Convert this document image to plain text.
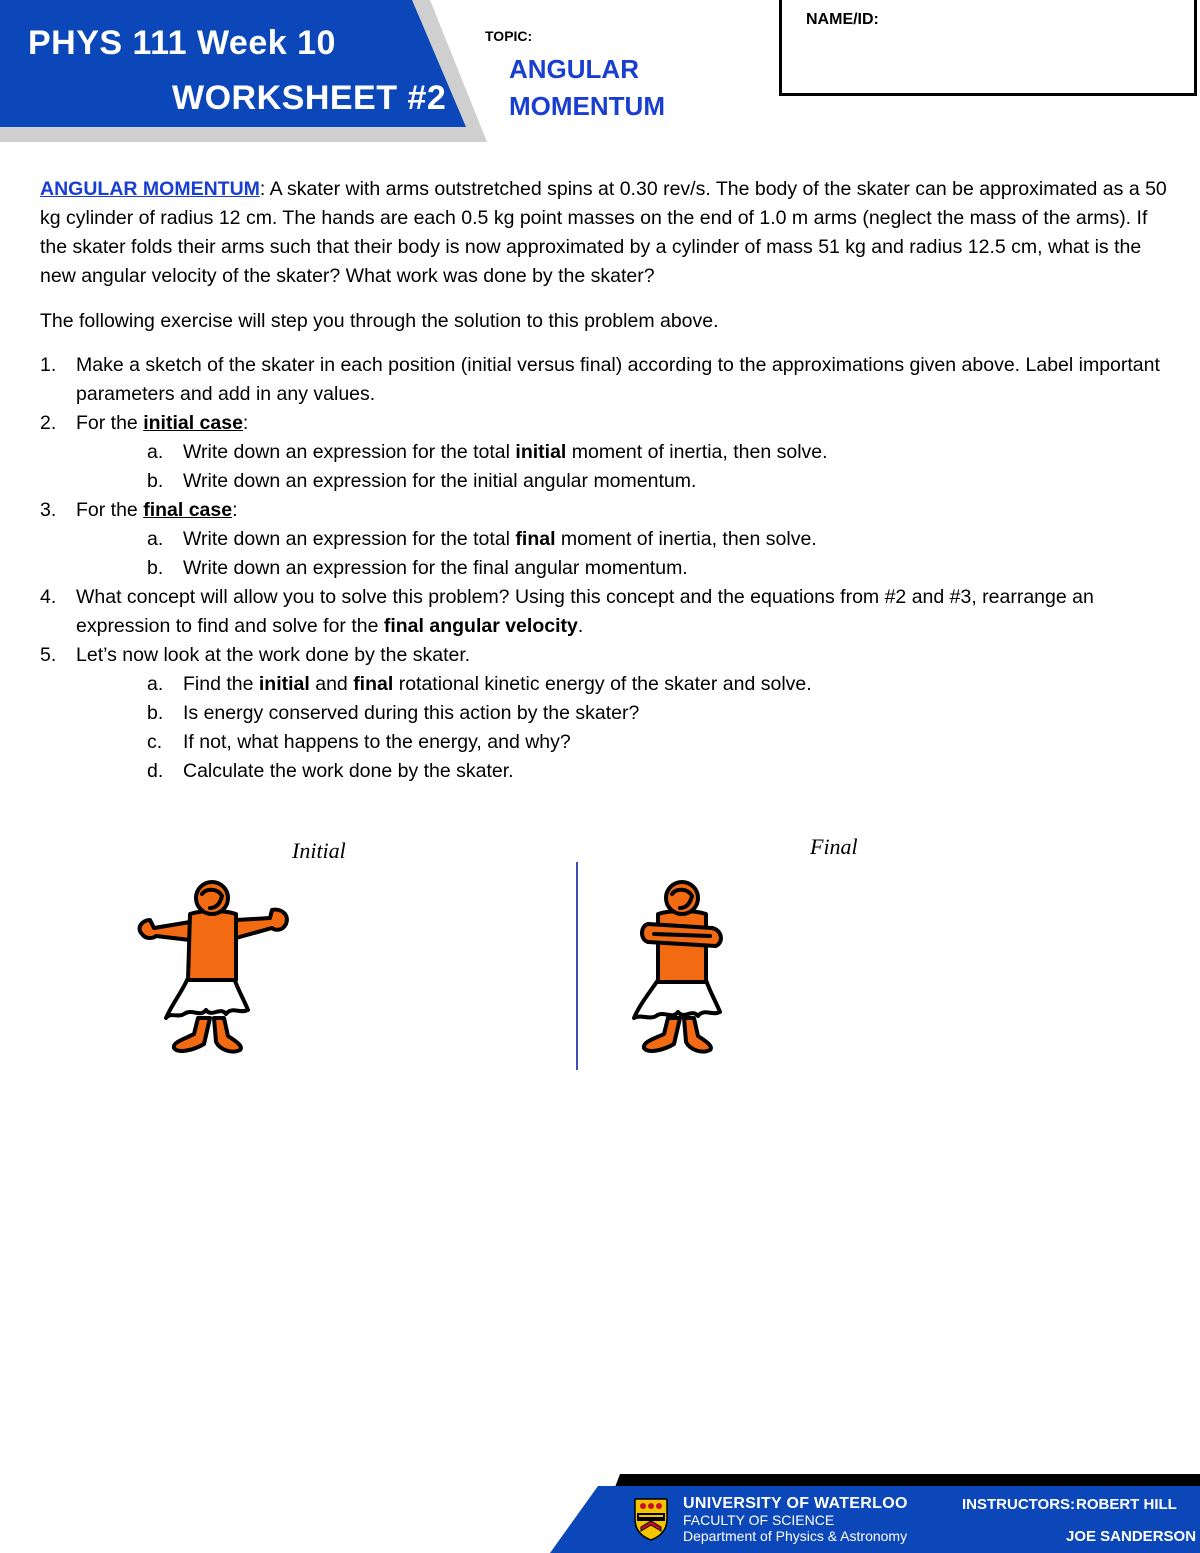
PHYS 111 Week 10
WORKSHEET #2
TOPIC:
ANGULAR
MOMENTUM
NAME/ID:
ANGULAR MOMENTUM: A skater with arms outstretched spins at 0.30 rev/s. The body of the skater can be approximated as a 50 kg cylinder of radius 12 cm. The hands are each 0.5 kg point masses on the end of 1.0 m arms (neglect the mass of the arms). If the skater folds their arms such that their body is now approximated by a cylinder of mass 51 kg and radius 12.5 cm, what is the new angular velocity of the skater? What work was done by the skater?
The following exercise will step you through the solution to this problem above.
1. Make a sketch of the skater in each position (initial versus final) according to the approximations given above. Label important parameters and add in any values.
2. For the initial case:
a. Write down an expression for the total initial moment of inertia, then solve.
b. Write down an expression for the initial angular momentum.
3. For the final case:
a. Write down an expression for the total final moment of inertia, then solve.
b. Write down an expression for the final angular momentum.
4. What concept will allow you to solve this problem? Using this concept and the equations from #2 and #3, rearrange an expression to find and solve for the final angular velocity.
5. Let’s now look at the work done by the skater.
a. Find the initial and final rotational kinetic energy of the skater and solve.
b. Is energy conserved during this action by the skater?
c. If not, what happens to the energy, and why?
d. Calculate the work done by the skater.
Initial	Final
UNIVERSITY OF WATERLOO
FACULTY OF SCIENCE
Department of Physics & Astronomy
INSTRUCTORS: ROBERT HILL
JOE SANDERSON
